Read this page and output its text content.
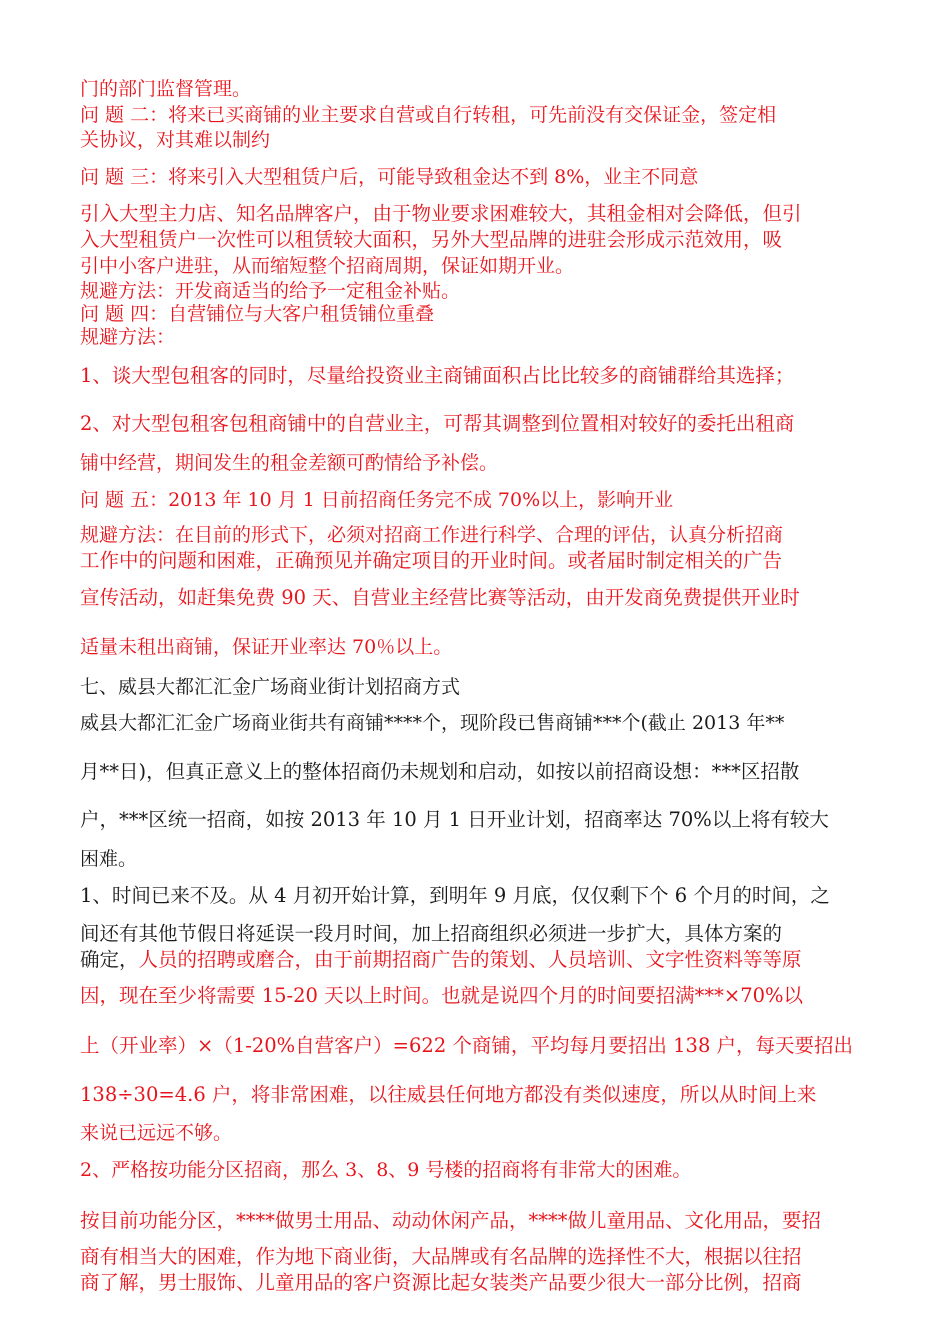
门的部门监督管理。
问 题 二：将来已买商铺的业主要求自营或自行转租，可先前没有交保证金，签定相
关协议，对其难以制约
问 题 三：将来引入大型租赁户后，可能导致租金达不到 8%，业主不同意
引入大型主力店、知名品牌客户，由于物业要求困难较大，其租金相对会降低，但引
入大型租赁户一次性可以租赁较大面积，另外大型品牌的进驻会形成示范效用，吸
引中小客户进驻，从而缩短整个招商周期，保证如期开业。
规避方法：开发商适当的给予一定租金补贴。
问 题 四：自营铺位与大客户租赁铺位重叠
规避方法：
1、谈大型包租客的同时，尽量给投资业主商铺面积占比比较多的商铺群给其选择；
2、对大型包租客包租商铺中的自营业主，可帮其调整到位置相对较好的委托出租商
铺中经营，期间发生的租金差额可酌情给予补偿。
问 题 五：2013 年 10 月 1 日前招商任务完不成 70%以上，影响开业
规避方法：在目前的形式下，必须对招商工作进行科学、合理的评估，认真分析招商
工作中的问题和困难，正确预见并确定项目的开业时间。或者届时制定相关的广告
宣传活动，如赶集免费 90 天、自营业主经营比赛等活动，由开发商免费提供开业时
适量未租出商铺，保证开业率达 70％以上。
七、威县大都汇汇金广场商业街计划招商方式
威县大都汇汇金广场商业街共有商铺****个，现阶段已售商铺***个(截止 2013 年**
月**日)，但真正意义上的整体招商仍未规划和启动，如按以前招商设想：***区招散
户，***区统一招商，如按 2013 年 10 月 1 日开业计划，招商率达 70%以上将有较大
困难。
1、时间已来不及。从 4 月初开始计算，到明年 9 月底，仅仅剩下个 6 个月的时间，之
间还有其他节假日将延误一段月时间，加上招商组织必须进一步扩大，具体方案的
确定，人员的招聘或磨合，由于前期招商广告的策划、人员培训、文字性资料等等原
因，现在至少将需要 15-20 天以上时间。也就是说四个月的时间要招满***×70%以
上（开业率）×（1-20%自营客户）=622 个商铺，平均每月要招出 138 户，每天要招出
138÷30=4.6 户，将非常困难，以往威县任何地方都没有类似速度，所以从时间上来
来说已远远不够。
2、严格按功能分区招商，那么 3、8、9 号楼的招商将有非常大的困难。
按目前功能分区，****做男士用品、动动休闲产品，****做儿童用品、文化用品，要招
商有相当大的困难，作为地下商业街，大品牌或有名品牌的选择性不大，根据以往招
商了解，男士服饰、儿童用品的客户资源比起女装类产品要少很大一部分比例，招商
